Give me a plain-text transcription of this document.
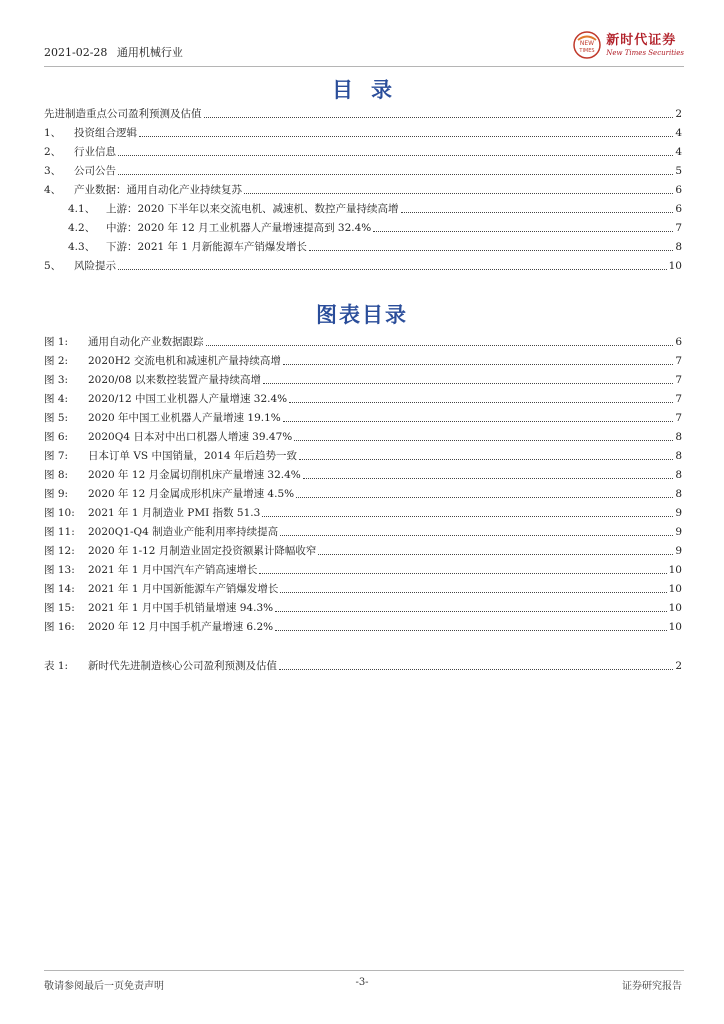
2021-02-28 通用机械行业
NEW
TIMES
新时代证券
New Times Securities
目录
先进制造重点公司盈利预测及估值	2
1、	投资组合逻辑	4
2、	行业信息	4
3、	公司公告	5
4、	产业数据：通用自动化产业持续复苏	6
4.1、	上游：2020 下半年以来交流电机、减速机、数控产量持续高增	6
4.2、	中游：2020 年 12 月工业机器人产量增速提高到 32.4%	7
4.3、	下游：2021 年 1 月新能源车产销爆发增长	8
5、	风险提示	10
图表目录
图 1:	通用自动化产业数据跟踪	6
图 2:	2020H2 交流电机和减速机产量持续高增	7
图 3:	2020/08 以来数控装置产量持续高增	7
图 4:	2020/12 中国工业机器人产量增速 32.4%	7
图 5:	2020 年中国工业机器人产量增速 19.1%	7
图 6:	2020Q4 日本对中出口机器人增速 39.47%	8
图 7:	日本订单 VS 中国销量，2014 年后趋势一致	8
图 8:	2020 年 12 月金属切削机床产量增速 32.4%	8
图 9:	2020 年 12 月金属成形机床产量增速 4.5%	8
图 10:	2021 年 1 月制造业 PMI 指数 51.3	9
图 11:	2020Q1-Q4 制造业产能利用率持续提高	9
图 12:	2020 年 1-12 月制造业固定投资额累计降幅收窄	9
图 13:	2021 年 1 月中国汽车产销高速增长	10
图 14:	2021 年 1 月中国新能源车产销爆发增长	10
图 15:	2021 年 1 月中国手机销量增速 94.3%	10
图 16:	2020 年 12 月中国手机产量增速 6.2%	10
表 1:	新时代先进制造核心公司盈利预测及估值	2
敬请参阅最后一页免责声明	-3-	证券研究报告
